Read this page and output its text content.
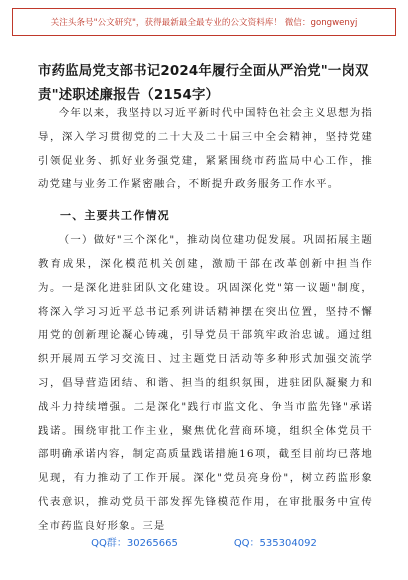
关注头条号"公文研究"，获得最新最全最专业的公文资料库！ 微信：gongwenyj
市药监局党支部书记2024年履行全面从严治党"一岗双责"述职述廉报告（2154字）

今年以来，我坚持以习近平新时代中国特色社会主义思想为指导，深入学习贯彻党的二十大及二十届三中全会精神，坚持党建引领促业务、抓好业务强党建，紧紧围绕市药监局中心工作，推动党建与业务工作紧密融合，不断提升政务服务工作水平。

一、主要共工作情况

（一）做好"三个深化"，推动岗位建功促发展。巩固拓展主题教育成果，深化模范机关创建，激励干部在改革创新中担当作为。一是深化进驻团队文化建设。巩固深化党"第一议题"制度，将深入学习习近平总书记系列讲话精神摆在突出位置，坚持不懈用党的创新理论凝心铸魂，引导党员干部筑牢政治忠诚。通过组织开展周五学习交流日、过主题党日活动等多种形式加强交流学习，倡导营造团结、和谐、担当的组织氛围，进驻团队凝聚力和战斗力持续增强。二是深化"践行市监文化、争当市监先锋"承诺践诺。围绕审批工作主业，聚焦优化营商环境，组织全体党员干部明确承诺内容，制定高质量践诺措施16项，截至目前均已落地见现，有力推动了工作开展。深化"党员亮身份"，树立药监形象代表意识，推动党员干部发挥先锋模范作用，在审批服务中宣传全市药监良好形象。三是

QQ群：30265665	QQ：535304092
